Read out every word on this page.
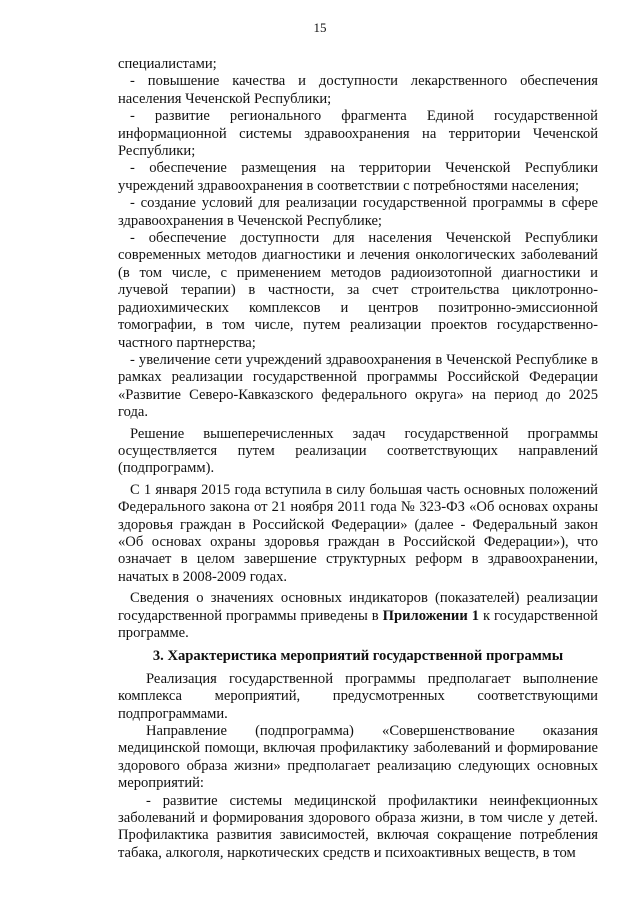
15

специалистами;

- повышение качества и доступности лекарственного обеспечения населения Чеченской Республики;

- развитие регионального фрагмента Единой государственной информационной системы здравоохранения на территории Чеченской Республики;

- обеспечение размещения на территории Чеченской Республики учреждений здравоохранения в соответствии с потребностями населения;

- создание условий для реализации государственной программы в сфере здравоохранения в Чеченской Республике;

- обеспечение доступности для населения Чеченской Республики современных методов диагностики и лечения онкологических заболеваний (в том числе, с применением методов радиоизотопной диагностики и лучевой терапии) в частности, за счет строительства циклотронно-радиохимических комплексов и центров позитронно-эмиссионной томографии, в том числе, путем реализации проектов государственно-частного партнерства;

- увеличение сети учреждений здравоохранения в Чеченской Республике в рамках реализации государственной программы Российской Федерации «Развитие Северо-Кавказского федерального округа» на период до 2025 года.

Решение вышеперечисленных задач государственной программы осуществляется путем реализации соответствующих направлений (подпрограмм).

С 1 января 2015 года вступила в силу большая часть основных положений Федерального закона от 21 ноября 2011 года № 323-ФЗ «Об основах охраны здоровья граждан в Российской Федерации» (далее - Федеральный закон «Об основах охраны здоровья граждан в Российской Федерации»), что означает в целом завершение структурных реформ в здравоохранении, начатых в 2008-2009 годах.

Сведения о значениях основных индикаторов (показателей) реализации государственной программы приведены в Приложении 1 к государственной программе.

3. Характеристика мероприятий государственной программы

Реализация государственной программы предполагает выполнение комплекса мероприятий, предусмотренных соответствующими подпрограммами.

Направление (подпрограмма) «Совершенствование оказания медицинской помощи, включая профилактику заболеваний и формирование здорового образа жизни» предполагает реализацию следующих основных мероприятий:

- развитие системы медицинской профилактики неинфекционных заболеваний и формирования здорового образа жизни, в том числе у детей. Профилактика развития зависимостей, включая сокращение потребления табака, алкоголя, наркотических средств и психоактивных веществ, в том
